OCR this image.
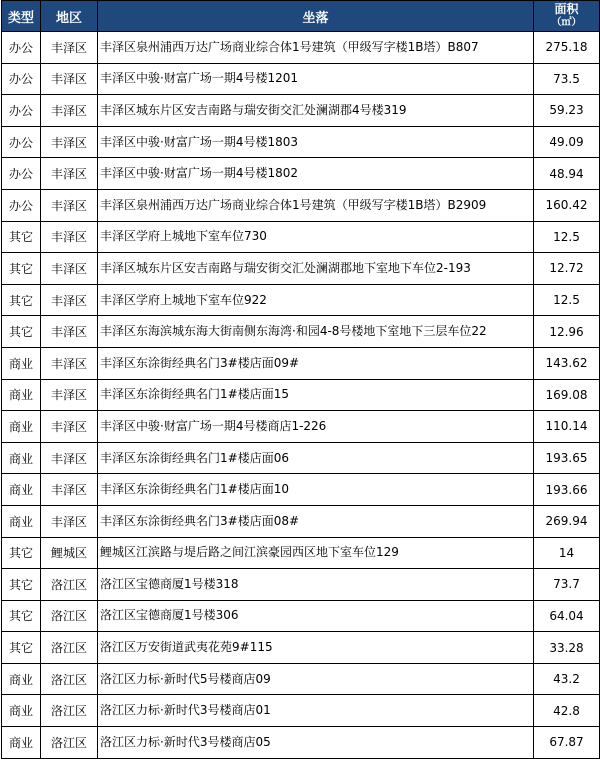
类型	地区	坐落	面积
（㎡）

办公	丰泽区	丰泽区泉州浦西万达广场商业综合体1号建筑（甲级写字楼1B塔）B807	275.18
办公	丰泽区	丰泽区中骏·财富广场一期4号楼1201	73.5
办公	丰泽区	丰泽区城东片区安吉南路与瑞安街交汇处澜湖郡4号楼319	59.23
办公	丰泽区	丰泽区中骏·财富广场一期4号楼1803	49.09
办公	丰泽区	丰泽区中骏·财富广场一期4号楼1802	48.94
办公	丰泽区	丰泽区泉州浦西万达广场商业综合体1号建筑（甲级写字楼1B塔）B2909	160.42
其它	丰泽区	丰泽区学府上城地下室车位730	12.5
其它	丰泽区	丰泽区城东片区安吉南路与瑞安街交汇处澜湖郡地下室地下车位2-193	12.72
其它	丰泽区	丰泽区学府上城地下室车位922	12.5
其它	丰泽区	丰泽区东海滨城东海大街南侧东海湾·和园4-8号楼地下室地下三层车位22	12.96
商业	丰泽区	丰泽区东涂街经典名门3#楼店面09#	143.62
商业	丰泽区	丰泽区东涂街经典名门1#楼店面15	169.08
商业	丰泽区	丰泽区中骏·财富广场一期4号楼商店1-226	110.14
商业	丰泽区	丰泽区东涂街经典名门1#楼店面06	193.65
商业	丰泽区	丰泽区东涂街经典名门1#楼店面10	193.66
商业	丰泽区	丰泽区东涂街经典名门3#楼店面08#	269.94
其它	鲤城区	鲤城区江滨路与堤后路之间江滨豪园西区地下室车位129	14
其它	洛江区	洛江区宝德商厦1号楼318	73.7
其它	洛江区	洛江区宝德商厦1号楼306	64.04
其它	洛江区	洛江区万安街道武夷花苑9#115	33.28
商业	洛江区	洛江区力标·新时代5号楼商店09	43.2
商业	洛江区	洛江区力标·新时代3号楼商店01	42.8
商业	洛江区	洛江区力标·新时代3号楼商店05	67.87
